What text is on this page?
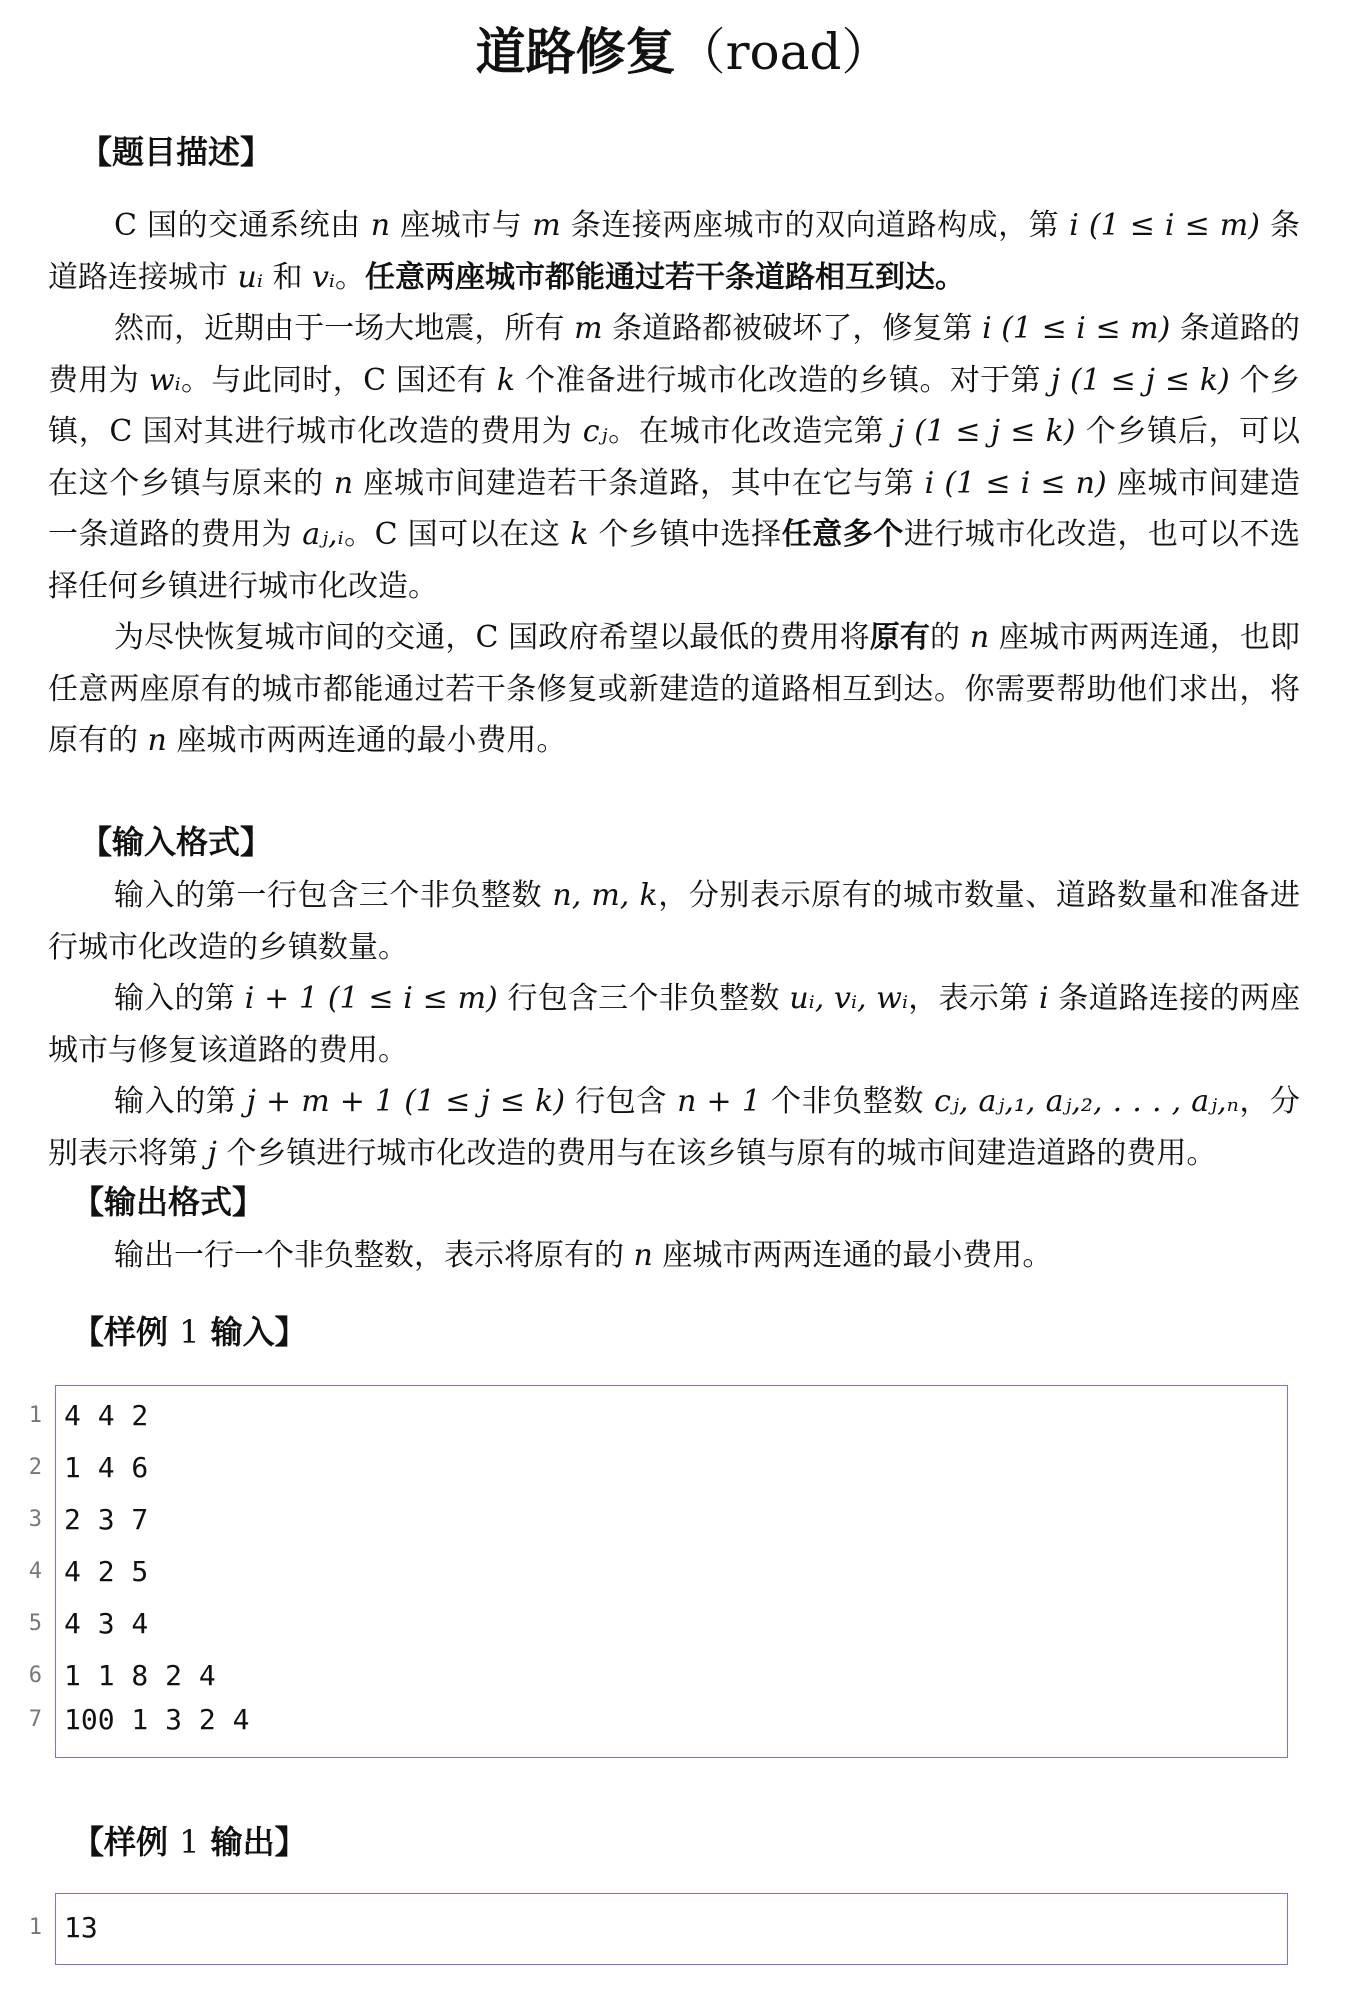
道路修复（road）
【题目描述】

C 国的交通系统由 n 座城市与 m 条连接两座城市的双向道路构成，第 i (1 ≤ i ≤ m) 条道路连接城市 uᵢ 和 vᵢ。任意两座城市都能通过若干条道路相互到达。

然而，近期由于一场大地震，所有 m 条道路都被破坏了，修复第 i (1 ≤ i ≤ m) 条道路的费用为 wᵢ。与此同时，C 国还有 k 个准备进行城市化改造的乡镇。对于第 j (1 ≤ j ≤ k) 个乡镇，C 国对其进行城市化改造的费用为 cⱼ。在城市化改造完第 j (1 ≤ j ≤ k) 个乡镇后，可以在这个乡镇与原来的 n 座城市间建造若干条道路，其中在它与第 i (1 ≤ i ≤ n) 座城市间建造一条道路的费用为 aⱼ,ᵢ。C 国可以在这 k 个乡镇中选择任意多个进行城市化改造，也可以不选择任何乡镇进行城市化改造。

为尽快恢复城市间的交通，C 国政府希望以最低的费用将原有的 n 座城市两两连通，也即任意两座原有的城市都能通过若干条修复或新建造的道路相互到达。你需要帮助他们求出，将原有的 n 座城市两两连通的最小费用。

【输入格式】

输入的第一行包含三个非负整数 n, m, k，分别表示原有的城市数量、道路数量和准备进行城市化改造的乡镇数量。

输入的第 i + 1 (1 ≤ i ≤ m) 行包含三个非负整数 uᵢ, vᵢ, wᵢ，表示第 i 条道路连接的两座城市与修复该道路的费用。

输入的第 j + m + 1 (1 ≤ j ≤ k) 行包含 n + 1 个非负整数 cⱼ, aⱼ,₁, aⱼ,₂, . . . , aⱼ,ₙ，分别表示将第 j 个乡镇进行城市化改造的费用与在该乡镇与原有的城市间建造道路的费用。

【输出格式】

输出一行一个非负整数，表示将原有的 n 座城市两两连通的最小费用。

【样例 1 输入】
1 4 4 2
2 1 4 6
3 2 3 7
4 4 2 5
5 4 3 4
6 1 1 8 2 4
7 100 1 3 2 4
【样例 1 输出】
1 13
